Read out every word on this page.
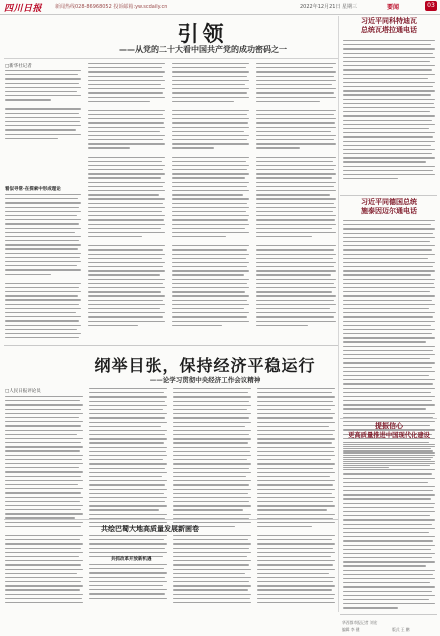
四川日报	新闻热线028-86968052 投诉邮箱:yw.scdaily.cn	2022年12月21日 星期三	要闻	03
引领
——从党的二十大看中国共产党的成功密码之一
□新华社记者
看似寻常·在探索中形成理论
习近平同科特迪瓦
总统瓦塔拉通电话
习近平同德国总统
施泰因迈尔通电话
提振信心
更高质量推进中国现代化建设
纲举目张，保持经济平稳运行
——论学习贯彻中央经济工作会议精神
□人民日报评论员
共绘巴蜀大地高质量发展新画卷
共抓改革开放新机遇
华西都市报记者 刘宏
编辑 李 健	版式 王 鹏
